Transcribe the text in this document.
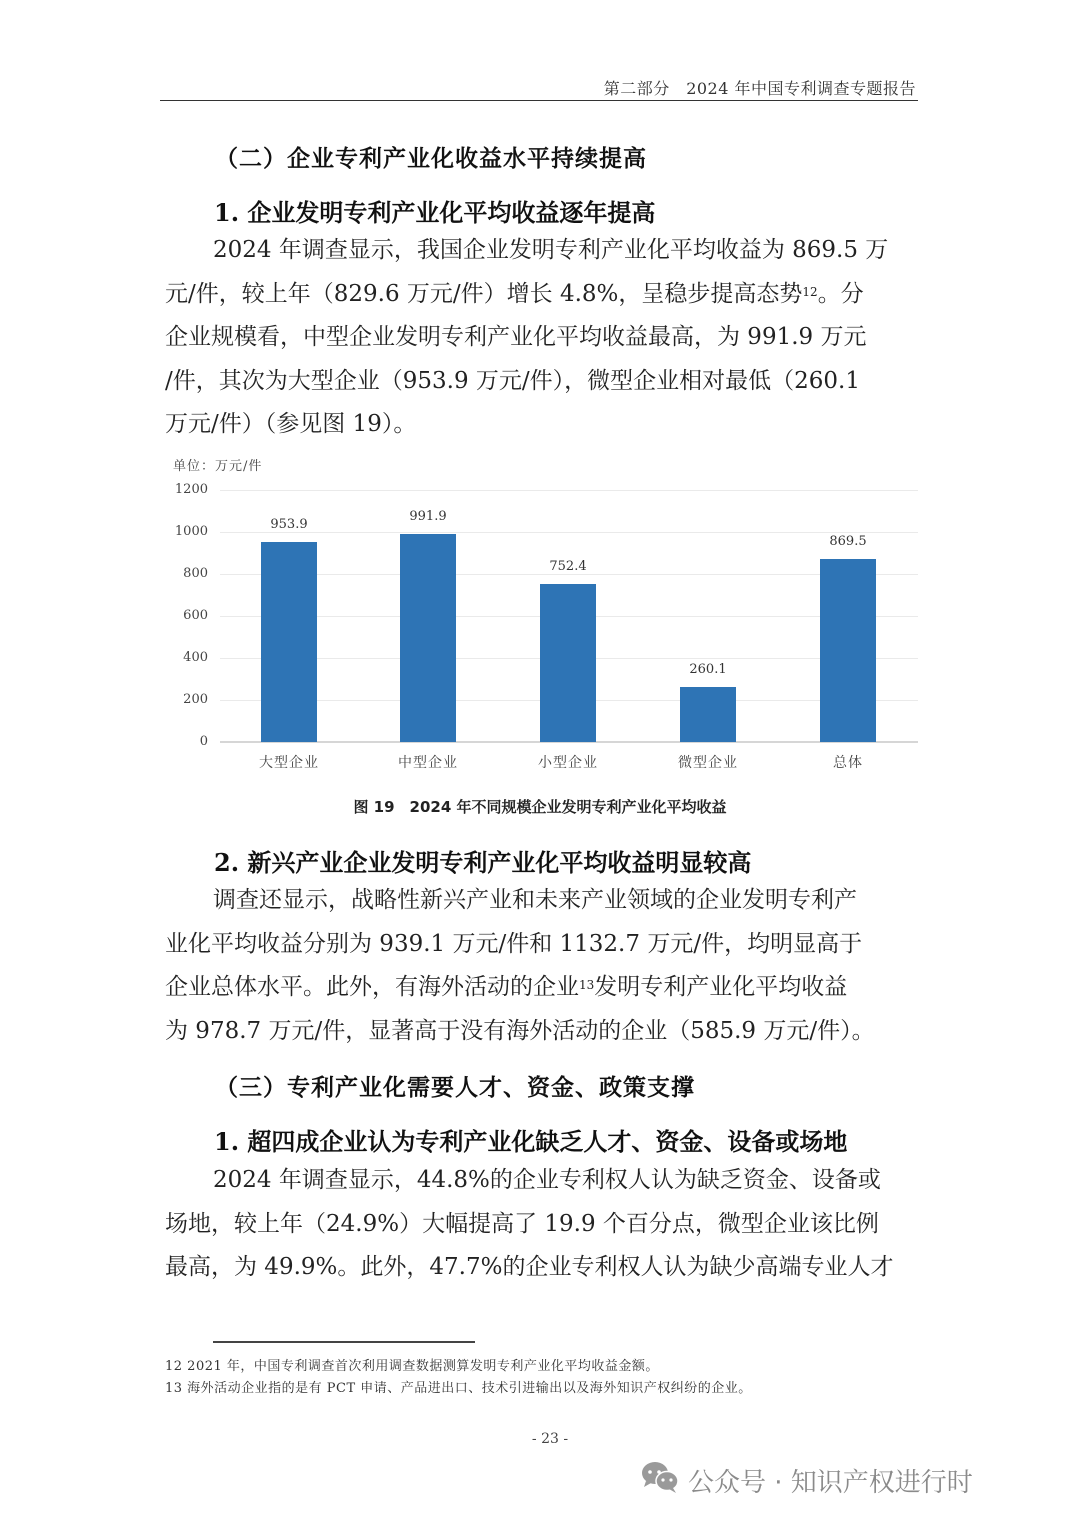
第二部分　2024 年中国专利调查专题报告
（二）企业专利产业化收益水平持续提高
1. 企业发明专利产业化平均收益逐年提高
2024 年调查显示，我国企业发明专利产业化平均收益为 869.5 万
元/件，较上年（829.6 万元/件）增长 4.8%，呈稳步提高态势$^{12}$。分
企业规模看，中型企业发明专利产业化平均收益最高，为 991.9 万元
/件，其次为大型企业（953.9 万元/件），微型企业相对最低（260.1
万元/件）（参见图 19）。
单位：万元/件
1200
1000
800
600
400
200
0
953.9
991.9
752.4
260.1
869.5
大型企业	中型企业	小型企业	微型企业	总体
图 19　2024 年不同规模企业发明专利产业化平均收益
2. 新兴产业企业发明专利产业化平均收益明显较高
调查还显示，战略性新兴产业和未来产业领域的企业发明专利产
业化平均收益分别为 939.1 万元/件和 1132.7 万元/件，均明显高于
企业总体水平。此外，有海外活动的企业$^{13}$发明专利产业化平均收益
为 978.7 万元/件，显著高于没有海外活动的企业（585.9 万元/件）。
（三）专利产业化需要人才、资金、政策支撑
1. 超四成企业认为专利产业化缺乏人才、资金、设备或场地
2024 年调查显示，44.8%的企业专利权人认为缺乏资金、设备或
场地，较上年（24.9%）大幅提高了 19.9 个百分点，微型企业该比例
最高，为 49.9%。此外，47.7%的企业专利权人认为缺少高端专业人才
12 2021 年，中国专利调查首次利用调查数据测算发明专利产业化平均收益金额。
13 海外活动企业指的是有 PCT 申请、产品进出口、技术引进输出以及海外知识产权纠纷的企业。
- 23 -
公众号 · 知识产权进行时
